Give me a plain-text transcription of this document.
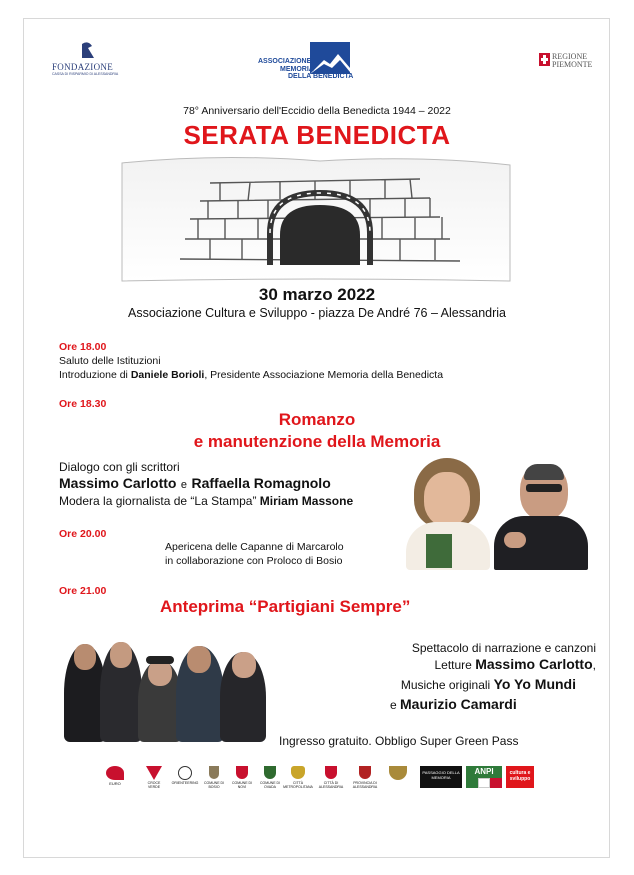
FONDAZIONE
CASSA DI RISPARMIO DI ALESSANDRIA
ASSOCIAZIONE
MEMORIA
DELLA BENEDICTA
REGIONE
PIEMONTE
78° Anniversario dell'Eccidio della Benedicta 1944 – 2022
SERATA BENEDICTA
30 marzo 2022
Associazione Cultura e Sviluppo - piazza De André 76 – Alessandria
Ore 18.00
Saluto delle Istituzioni
Introduzione di Daniele Borioli, Presidente Associazione Memoria della Benedicta
Ore 18.30
Romanzo
e manutenzione della Memoria
Dialogo con gli scrittori
Massimo Carlotto e Raffaella Romagnolo
Modera la giornalista de “La Stampa” Miriam Massone
Ore 20.00
Apericena delle Capanne di Marcarolo
in collaborazione con Proloco di Bosio
Ore 21.00
Anteprima “Partigiani Sempre”
Spettacolo di narrazione e canzoni
Letture Massimo Carlotto,
Musiche originali Yo Yo Mundi
e Maurizio Camardi
Ingresso gratuito. Obbligo Super Green Pass
EURO	CROCE VERDE
ORIENTEERING	COMUNE DI BOSIO
COMUNE DI NOVI
COMUNE DI OVADA
CITTÀ METROPOLITANA
CITTÀ DI ALESSANDRIA
PROVINCIA DI ALESSANDRIA
PASSAGGIO DELLA MEMORIA
ANPI	cultura e sviluppo
